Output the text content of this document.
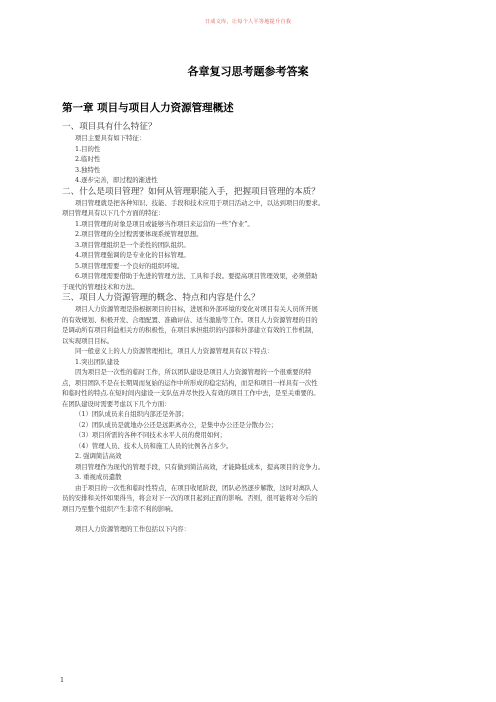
日成文库，让每个人平等地提升自我
各章复习思考题参考答案
第一章 项目与项目人力资源管理概述
一、项目具有什么特征？
项目主要具有如下特征：
1.目的性
2.临时性
3.独特性
4.逐步完善，即过程的渐进性
二、什么是项目管理？如何从管理职能入手，把握项目管理的本质？
项目管理就是把各种知识、技能、手段和技术应用于项目活动之中，以达到项目的要求。
项目管理具有以下几个方面的特征：
1.项目管理的对象是项目或能够当作项目来运营的一些“作业”。
2.项目管理的全过程需要体现系统管理思想。
3.项目管理组织是一个柔性的团队组织。
4.项目管理强调的是专业化的目标管理。
5.项目管理需要一个良好的组织环境。
6.项目管理需要借助于先进的管理方法、工具和手段。要提高项目管理效果，必须借助
于现代的管理技术和方法。
三、项目人力资源管理的概念、特点和内容是什么？
项目人力资源管理是指根据项目的目标，进展和外部环境的变化对项目有关人员所开展
的有效规划、积极开发、合理配置、准确评估、适当激励等工作。项目人力资源管理的目的
是调动所有项目利益相关方的积极性，在项目承担组织的内部和外部建立有效的工作机制，
以实现项目目标。
同一般意义上的人力资源管理相比，项目人力资源管理具有以下特点：
1.突出团队建设
因为项目是一次性的临时工作，所以团队建设是项目人力资源管理的一个很重要的特
点，项目团队不是在长期周而复始的运作中所形成的稳定结构，而是和项目一样具有一次性
和临时性的特点.在短时间内建设一支队伍并尽快投入有效的项目工作中去，是至关重要的。
在团队建设时需要考虑以下几个方面：
（1）团队成员来自组织内部还是外部；
（2）团队成员是就地办公还是远距离办公，是集中办公还是分散办公；
（3）项目所需的各种不同技术水平人员的费用如何；
（4）管理人员、技术人员和施工人员的比例各占多少。
2. 强调简洁高效
项目管理作为现代的管理手段，只有做到简洁高效，才能降低成本，提高项目的竞争力。
3. 重视成员遣散
由于项目的一次性和临时性特点，在项目收尾阶段，团队必然逐步解散，这时对离队人
员的安排和关怀如果得当，将会对下一次的项目起到正面的影响。否则，很可能将对今后的
项目乃至整个组织产生非常不利的影响。
项目人力资源管理的工作包括以下内容：
1
